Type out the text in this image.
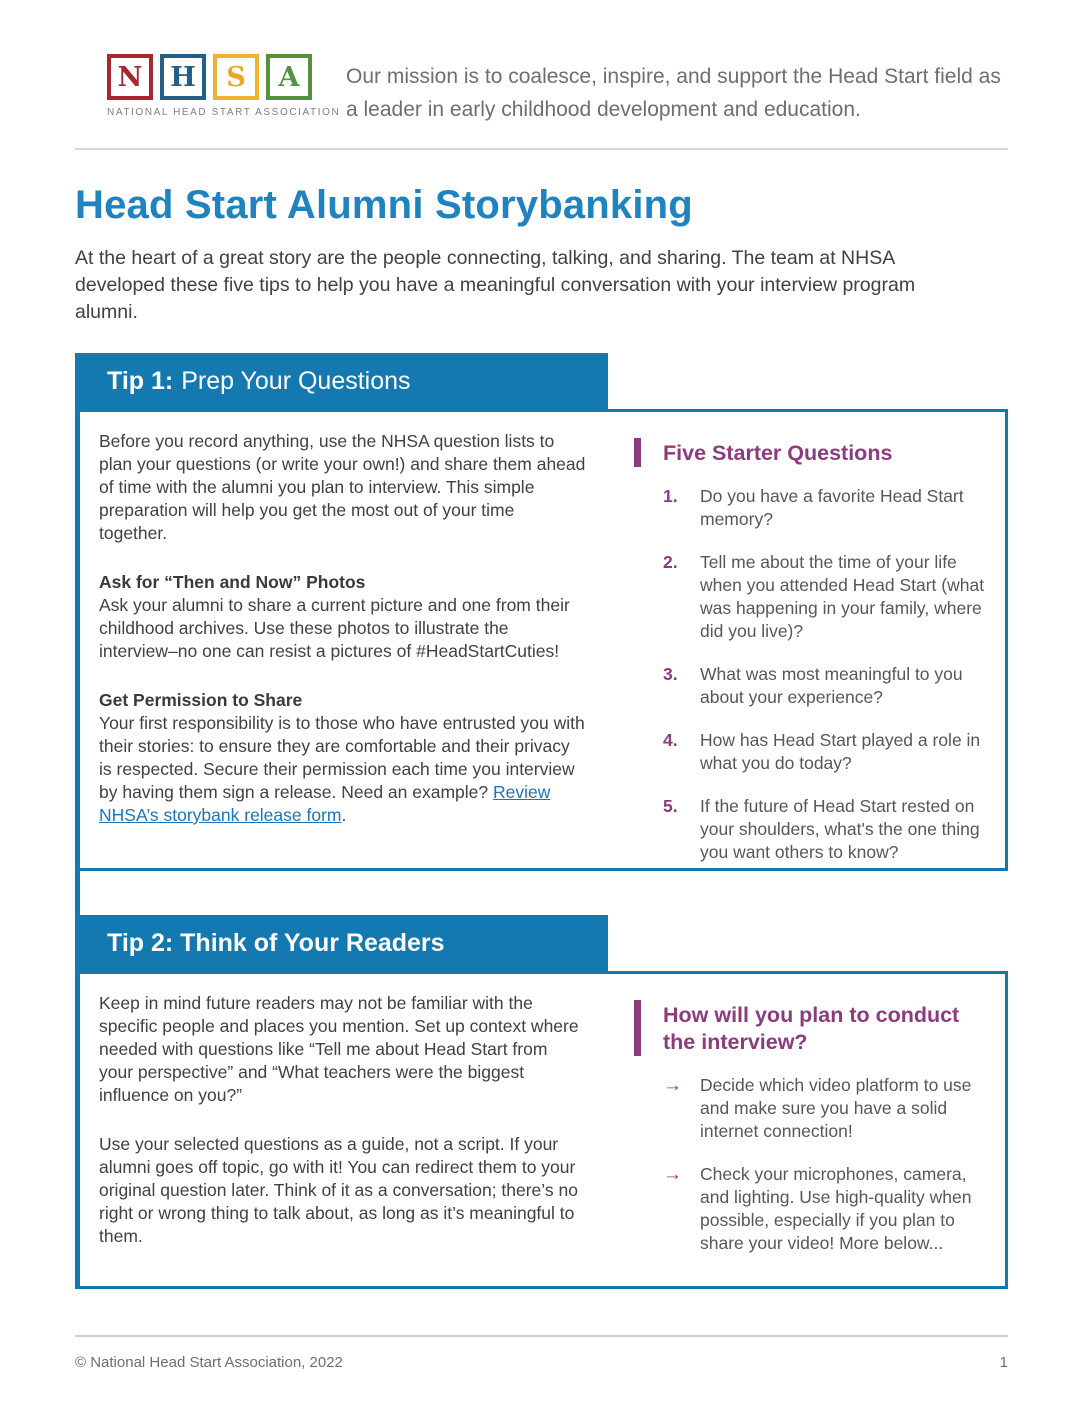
N	H	S	A
NATIONAL HEAD START ASSOCIATION
Our mission is to coalesce, inspire, and support the Head Start field as a leader in early childhood development and education.
Head Start Alumni Storybanking
At the heart of a great story are the people connecting, talking, and sharing. The team at NHSA developed these five tips to help you have a meaningful conversation with your interview program alumni.
Tip 1: Prep Your Questions

Before you record anything, use the NHSA question lists to plan your questions (or write your own!) and share them ahead of time with the alumni you plan to interview. This simple preparation will help you get the most out of your time together.

Ask for “Then and Now” Photos

Ask your alumni to share a current picture and one from their childhood archives. Use these photos to illustrate the interview–no one can resist a pictures of #HeadStartCuties!

Get Permission to Share

Your first responsibility is to those who have entrusted you with their stories: to ensure they are comfortable and their privacy is respected. Secure their permission each time you interview by having them sign a release. Need an example? Review NHSA’s storybank release form.

Five Starter Questions
1.	Do you have a favorite Head Start memory?
2.	Tell me about the time of your life when you attended Head Start (what was happening in your family, where did you live)?
3.	What was most meaningful to you about your experience?
4.	How has Head Start played a role in what you do today?
5.	If the future of Head Start rested on your shoulders, what's the one thing you want others to know?
Tip 2: Think of Your Readers

Keep in mind future readers may not be familiar with the specific people and places you mention. Set up context where needed with questions like “Tell me about Head Start from your perspective” and “What teachers were the biggest influence on you?”

Use your selected questions as a guide, not a script. If your alumni goes off topic, go with it! You can redirect them to your original question later. Think of it as a conversation; there’s no right or wrong thing to talk about, as long as it’s meaningful to them.

How will you plan to conduct the interview?
→	Decide which video platform to use and make sure you have a solid internet connection!
→	Check your microphones, camera, and lighting. Use high-quality when possible, especially if you plan to share your video! More below...
© National Head Start Association, 2022	1
